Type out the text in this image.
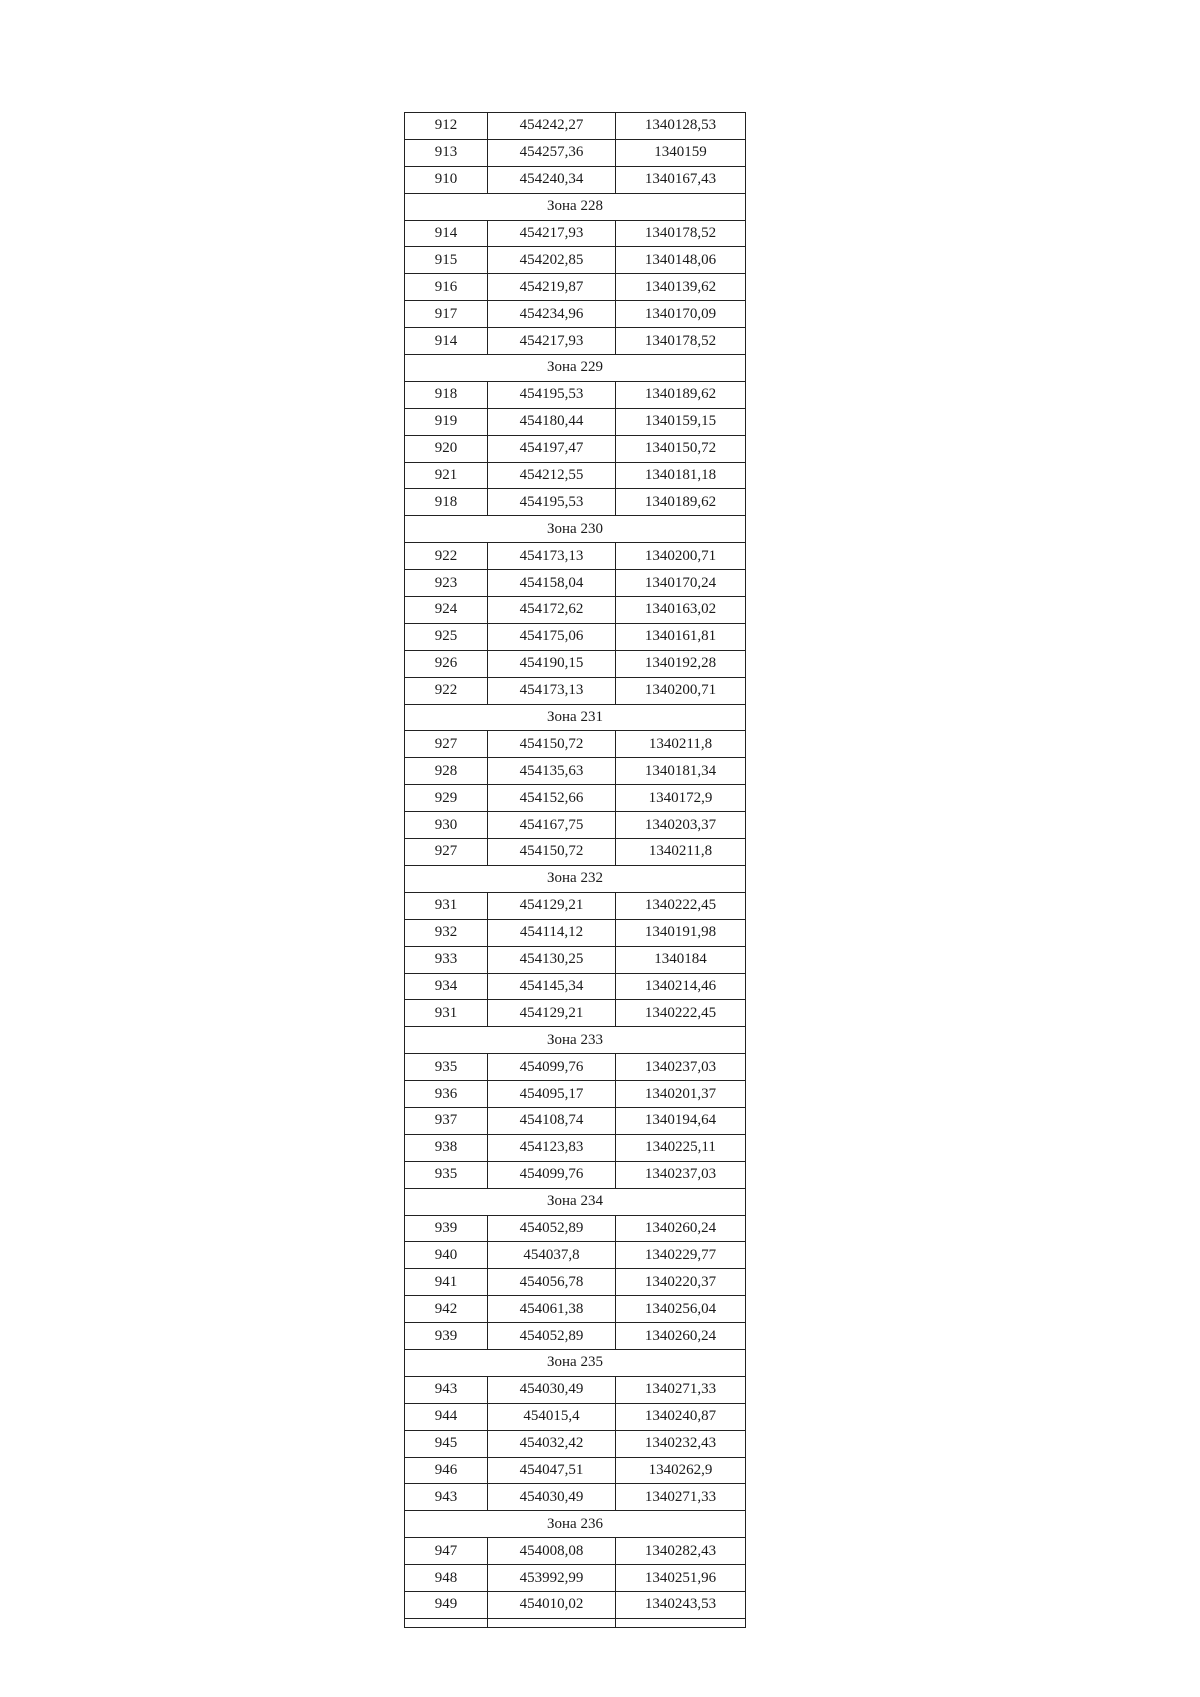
912	454242,27	1340128,53
913	454257,36	1340159
910	454240,34	1340167,43
Зона 228		
914	454217,93	1340178,52
915	454202,85	1340148,06
916	454219,87	1340139,62
917	454234,96	1340170,09
914	454217,93	1340178,52
Зона 229		
918	454195,53	1340189,62
919	454180,44	1340159,15
920	454197,47	1340150,72
921	454212,55	1340181,18
918	454195,53	1340189,62
Зона 230		
922	454173,13	1340200,71
923	454158,04	1340170,24
924	454172,62	1340163,02
925	454175,06	1340161,81
926	454190,15	1340192,28
922	454173,13	1340200,71
Зона 231		
927	454150,72	1340211,8
928	454135,63	1340181,34
929	454152,66	1340172,9
930	454167,75	1340203,37
927	454150,72	1340211,8
Зона 232		
931	454129,21	1340222,45
932	454114,12	1340191,98
933	454130,25	1340184
934	454145,34	1340214,46
931	454129,21	1340222,45
Зона 233		
935	454099,76	1340237,03
936	454095,17	1340201,37
937	454108,74	1340194,64
938	454123,83	1340225,11
935	454099,76	1340237,03
Зона 234		
939	454052,89	1340260,24
940	454037,8	1340229,77
941	454056,78	1340220,37
942	454061,38	1340256,04
939	454052,89	1340260,24
Зона 235		
943	454030,49	1340271,33
944	454015,4	1340240,87
945	454032,42	1340232,43
946	454047,51	1340262,9
943	454030,49	1340271,33
Зона 236		
947	454008,08	1340282,43
948	453992,99	1340251,96
949	454010,02	1340243,53
